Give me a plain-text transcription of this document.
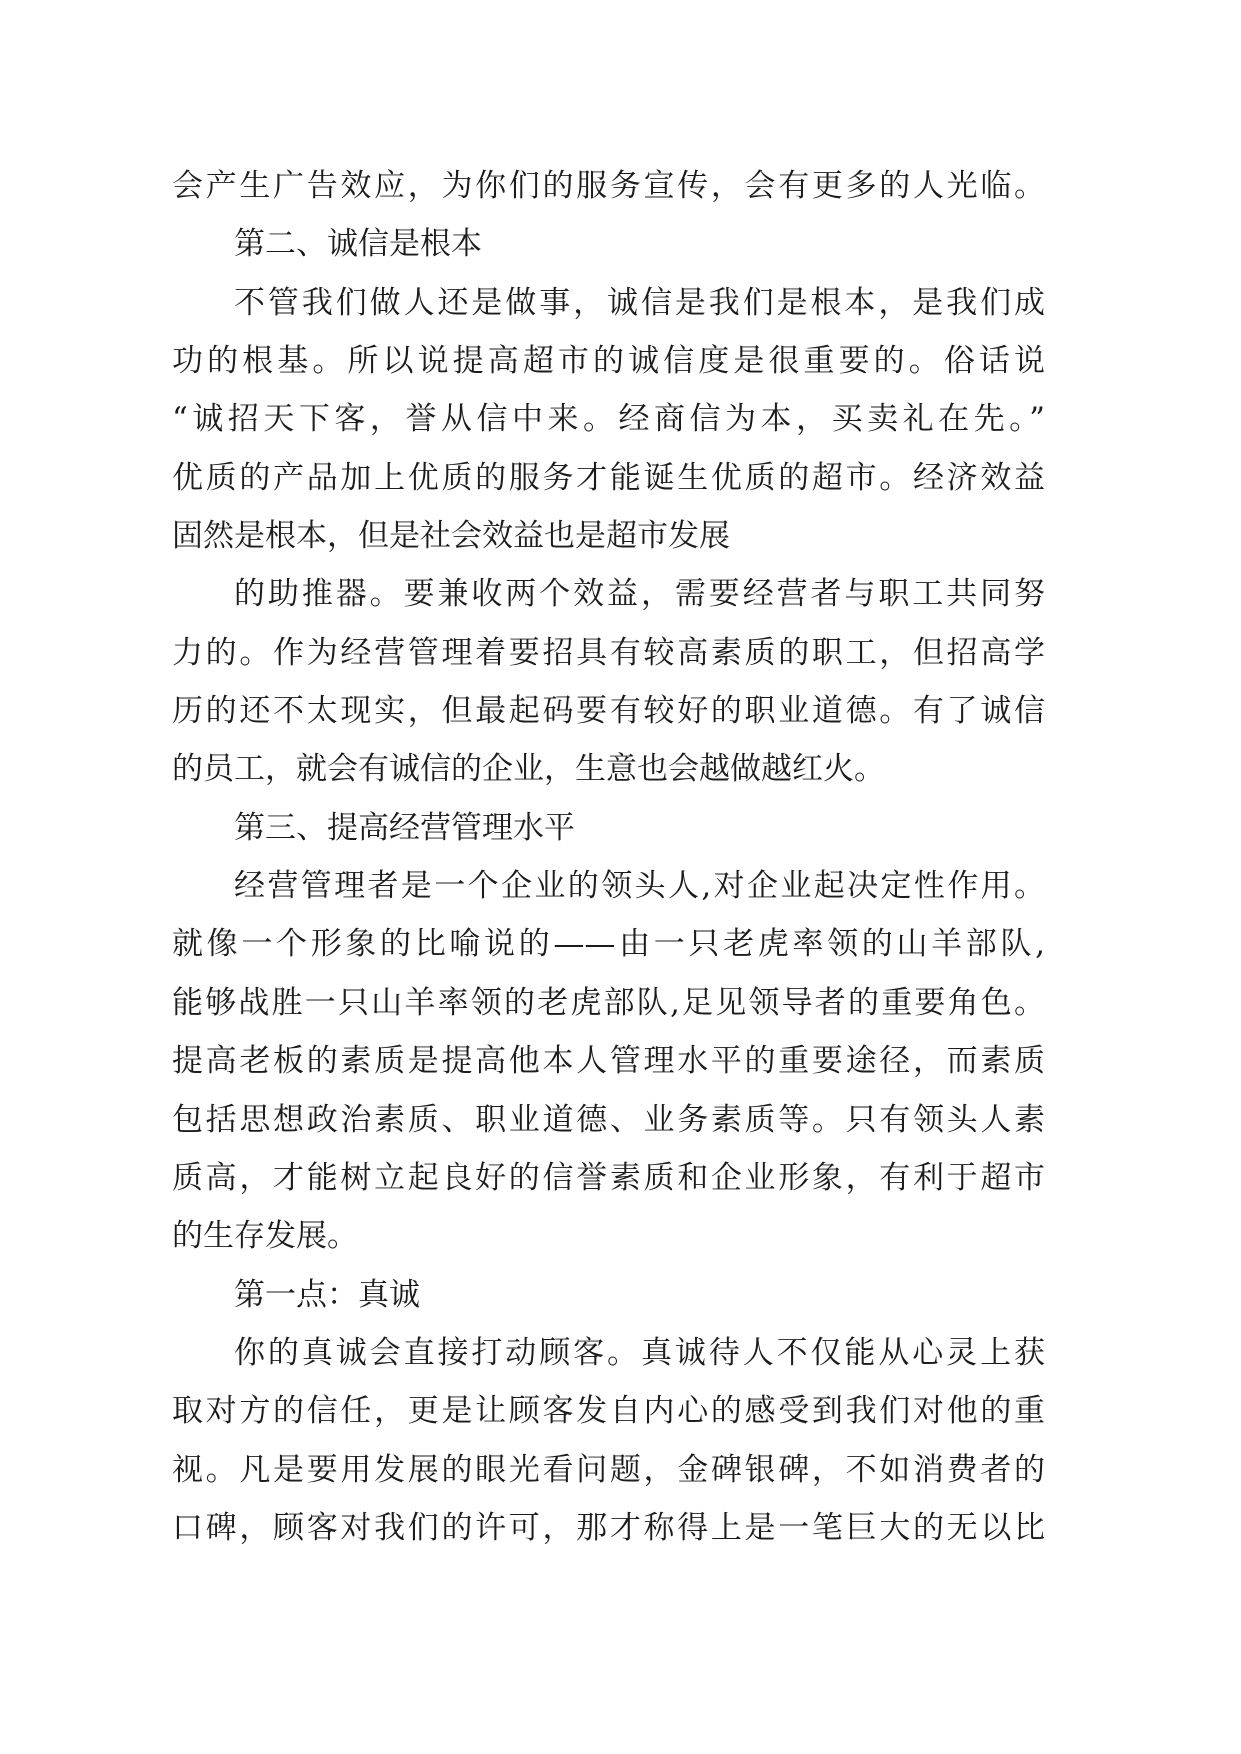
会产生广告效应，为你们的服务宣传，会有更多的人光临。
第二、诚信是根本
不管我们做人还是做事，诚信是我们是根本，是我们成
功的根基。所以说提高超市的诚信度是很重要的。俗话说
“诚招天下客，誉从信中来。经商信为本，买卖礼在先。”
优质的产品加上优质的服务才能诞生优质的超市。经济效益
固然是根本，但是社会效益也是超市发展
的助推器。要兼收两个效益，需要经营者与职工共同努
力的。作为经营管理着要招具有较高素质的职工，但招高学
历的还不太现实，但最起码要有较好的职业道德。有了诚信
的员工，就会有诚信的企业，生意也会越做越红火。
第三、提高经营管理水平
经营管理者是一个企业的领头人,对企业起决定性作用。
就像一个形象的比喻说的——由一只老虎率领的山羊部队,
能够战胜一只山羊率领的老虎部队,足见领导者的重要角色。
提高老板的素质是提高他本人管理水平的重要途径，而素质
包括思想政治素质、职业道德、业务素质等。只有领头人素
质高，才能树立起良好的信誉素质和企业形象，有利于超市
的生存发展。
第一点：真诚
你的真诚会直接打动顾客。真诚待人不仅能从心灵上获
取对方的信任，更是让顾客发自内心的感受到我们对他的重
视。凡是要用发展的眼光看问题，金碑银碑，不如消费者的
口碑，顾客对我们的许可，那才称得上是一笔巨大的无以比
